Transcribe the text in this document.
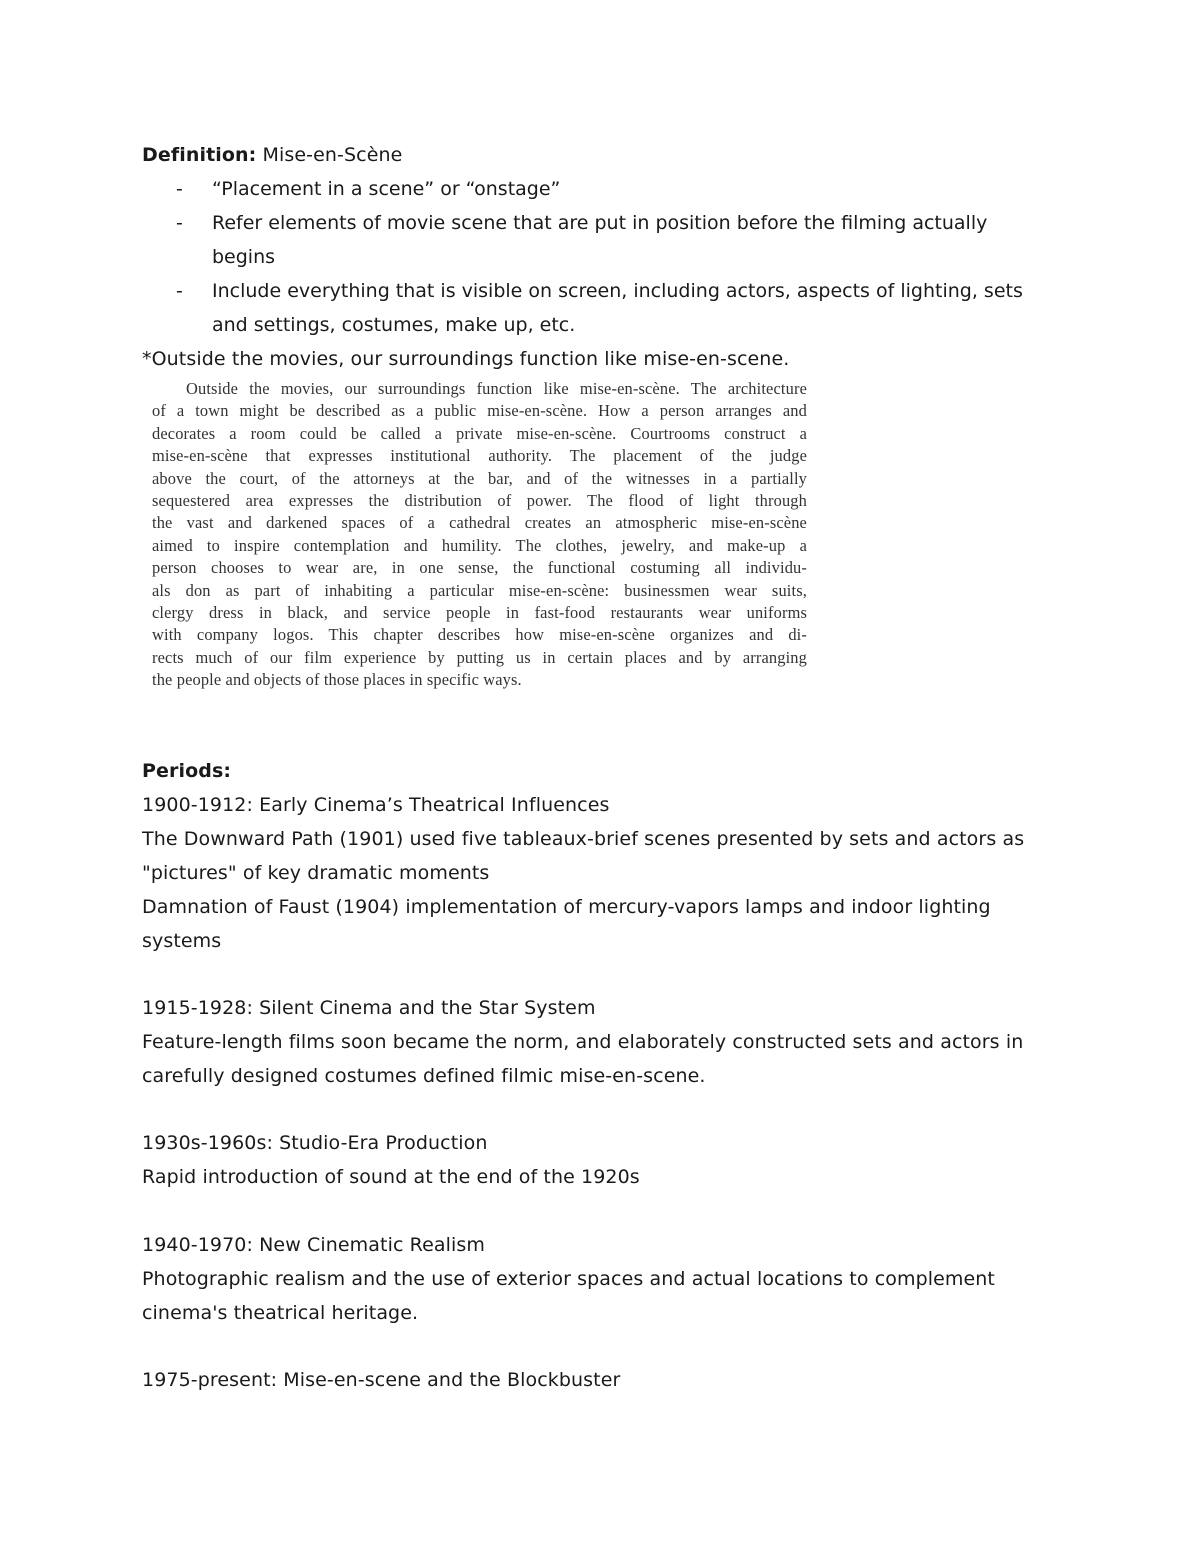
Definition: Mise-en-Scène
- “Placement in a scene” or “onstage”
- Refer elements of movie scene that are put in position before the filming actually
begins
- Include everything that is visible on screen, including actors, aspects of lighting, sets
and settings, costumes, make up, etc.
*Outside the movies, our surroundings function like mise-en-scene.
Outside the movies, our surroundings function like mise-en-scène. The architecture
of a town might be described as a public mise-en-scène. How a person arranges and
decorates a room could be called a private mise-en-scène. Courtrooms construct a
mise-en-scène that expresses institutional authority. The placement of the judge
above the court, of the attorneys at the bar, and of the witnesses in a partially
sequestered area expresses the distribution of power. The flood of light through
the vast and darkened spaces of a cathedral creates an atmospheric mise-en-scène
aimed to inspire contemplation and humility. The clothes, jewelry, and make-up a
person chooses to wear are, in one sense, the functional costuming all individu-
als don as part of inhabiting a particular mise-en-scène: businessmen wear suits,
clergy dress in black, and service people in fast-food restaurants wear uniforms
with company logos. This chapter describes how mise-en-scène organizes and di-
rects much of our film experience by putting us in certain places and by arranging
the people and objects of those places in specific ways.
Periods:
1900-1912: Early Cinema’s Theatrical Influences
The Downward Path (1901) used five tableaux-brief scenes presented by sets and actors as
"pictures" of key dramatic moments
Damnation of Faust (1904) implementation of mercury-vapors lamps and indoor lighting
systems
1915-1928: Silent Cinema and the Star System
Feature-length films soon became the norm, and elaborately constructed sets and actors in
carefully designed costumes defined filmic mise-en-scene.
1930s-1960s: Studio-Era Production
Rapid introduction of sound at the end of the 1920s
1940-1970: New Cinematic Realism
Photographic realism and the use of exterior spaces and actual locations to complement
cinema's theatrical heritage.
1975-present: Mise-en-scene and the Blockbuster
